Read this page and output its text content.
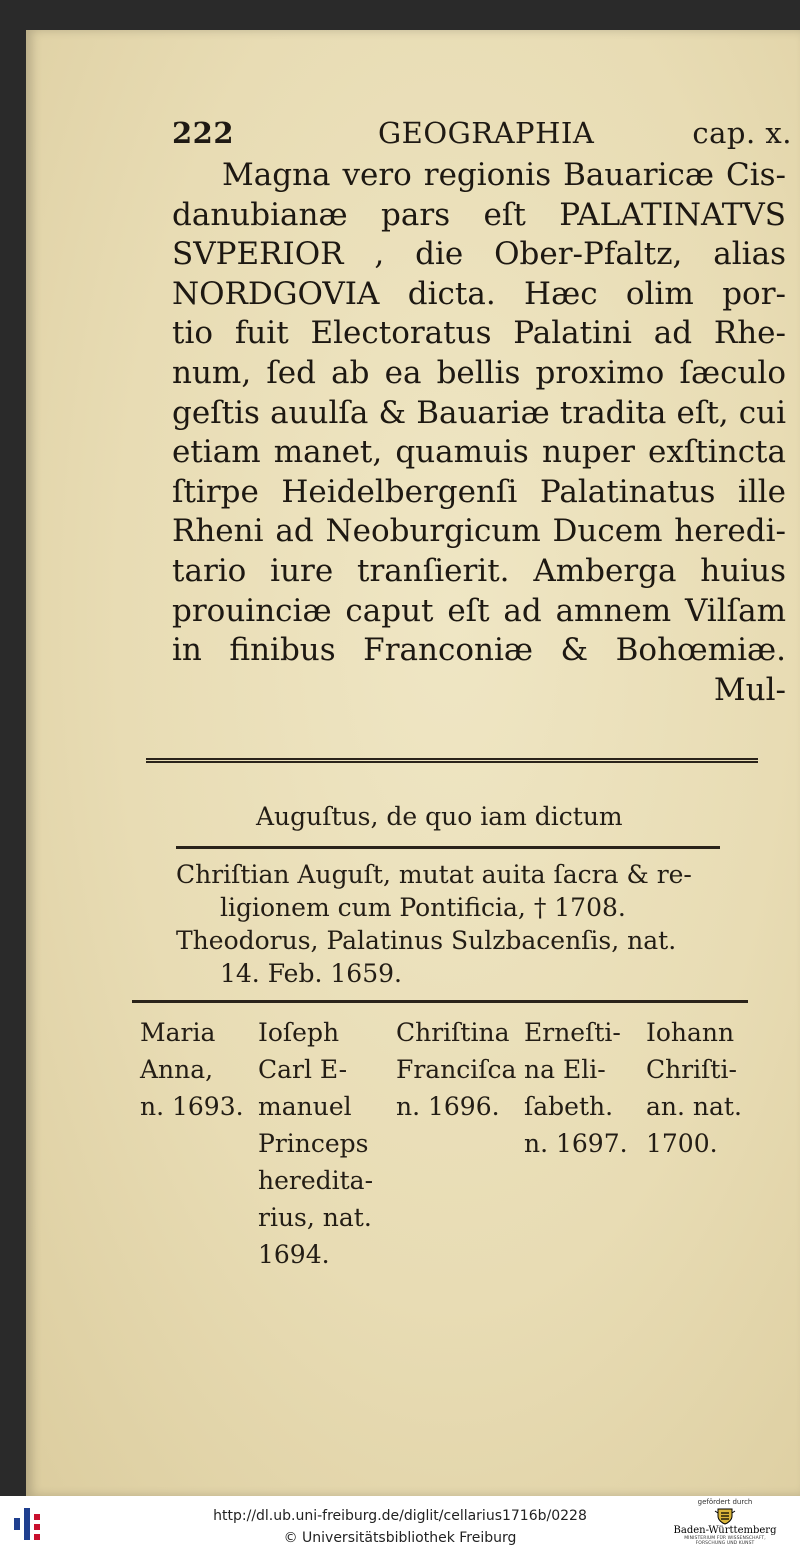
222	GEOGRAPHIA	cap. x.
Magna vero regionis Bauaricæ Cis-
danubianæ pars eſt PALATINATVS
SVPERIOR , die Ober-Pfaltz, alias
NORDGOVIA dicta. Hæc olim por-
tio fuit Electoratus Palatini ad Rhe-
num, ſed ab ea bellis proximo ſæculo
geſtis auulſa & Bauariæ tradita eſt, cui
etiam manet, quamuis nuper exſtincta
ſtirpe Heidelbergenſi Palatinatus ille
Rheni ad Neoburgicum Ducem heredi-
tario iure tranſierit. Amberga huius
prouinciæ caput eſt ad amnem Vilſam
in finibus Franconiæ & Bohœmiæ.
Mul-
Auguſtus, de quo iam dictum
Chriſtian Auguſt, mutat auita ſacra & re-
ligionem cum Pontificia, † 1708.
Theodorus, Palatinus Sulzbacenſis, nat.
14. Feb. 1659.
Maria
Anna,
n. 1693.
Ioſeph
Carl E-
manuel
Princeps
heredita-
rius, nat.
1694.
Chriſtina
Franciſca
n. 1696.
Erneſti-
na Eli-
ſabeth.
n. 1697.
Iohann
Chriſti-
an. nat.
1700.
http://dl.ub.uni-freiburg.de/diglit/cellarius1716b/0228
© Universitätsbibliothek Freiburg
gefördert durch
Baden-Württemberg
MINISTERIUM FÜR WISSENSCHAFT, FORSCHUNG UND KUNST
